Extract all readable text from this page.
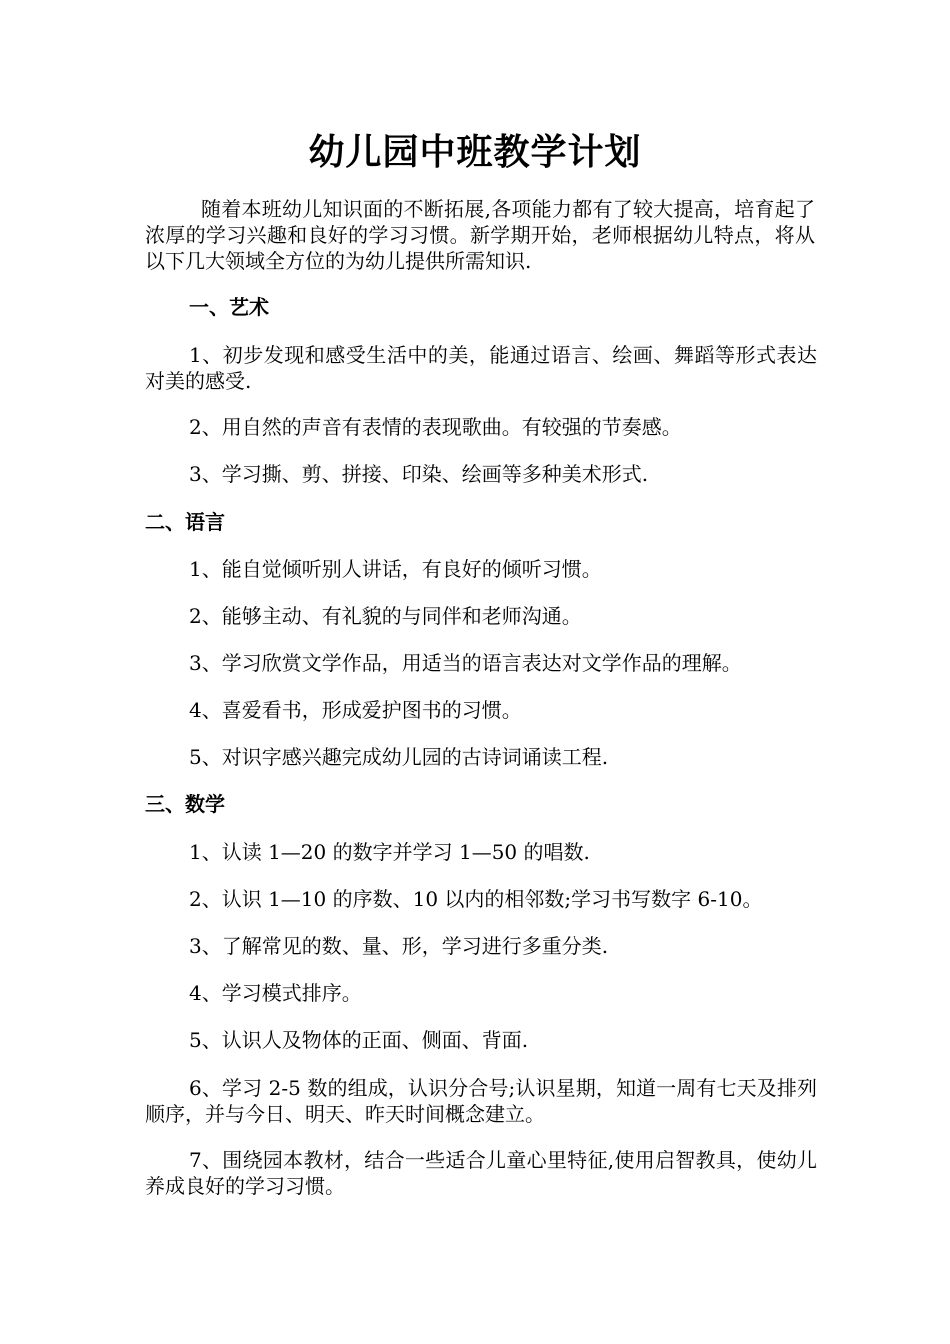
幼儿园中班教学计划

随着本班幼儿知识面的不断拓展,各项能力都有了较大提高，培育起了浓厚的学习兴趣和良好的学习习惯。新学期开始，老师根据幼儿特点，将从以下几大领域全方位的为幼儿提供所需知识.

一、艺术

1、初步发现和感受生活中的美，能通过语言、绘画、舞蹈等形式表达对美的感受.

2、用自然的声音有表情的表现歌曲。有较强的节奏感。

3、学习撕、剪、拼接、印染、绘画等多种美术形式.

二、语言

1、能自觉倾听别人讲话，有良好的倾听习惯。

2、能够主动、有礼貌的与同伴和老师沟通。

3、学习欣赏文学作品，用适当的语言表达对文学作品的理解。

4、喜爱看书，形成爱护图书的习惯。

5、对识字感兴趣完成幼儿园的古诗词诵读工程.

三、数学

1、认读 1—20 的数字并学习 1—50 的唱数.

2、认识 1—10 的序数、10 以内的相邻数;学习书写数字 6-10。

3、了解常见的数、量、形，学习进行多重分类.

4、学习模式排序。

5、认识人及物体的正面、侧面、背面.

6、学习 2-5 数的组成，认识分合号;认识星期，知道一周有七天及排列顺序，并与今日、明天、昨天时间概念建立。

7、围绕园本教材，结合一些适合儿童心里特征,使用启智教具，使幼儿养成良好的学习习惯。
